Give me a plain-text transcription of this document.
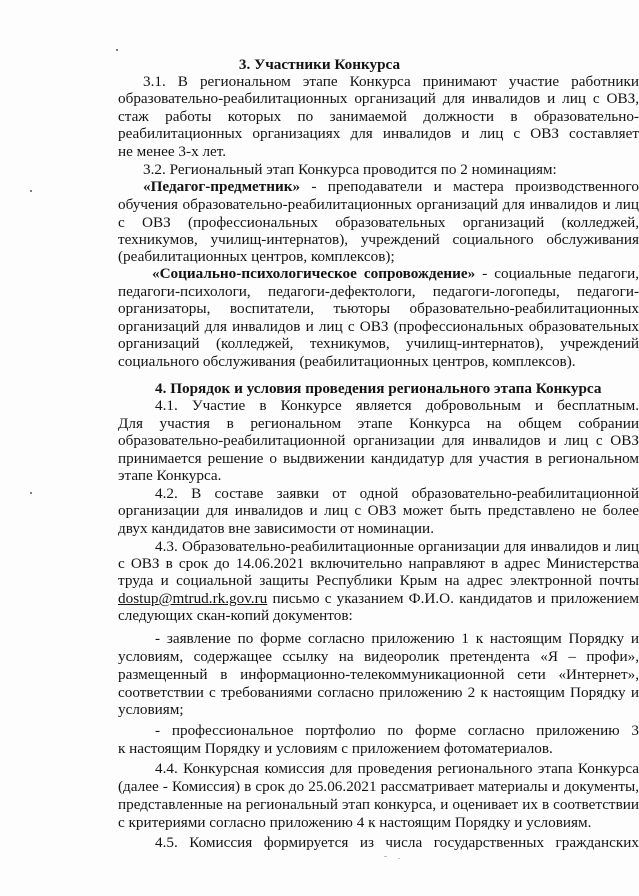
3. Участники Конкурса
3.1. В региональном этапе Конкурса принимают участие работники
образовательно-реабилитационных организаций для инвалидов и лиц с ОВЗ,
стаж работы которых по занимаемой должности в образовательно-
реабилитационных организациях для инвалидов и лиц с ОВЗ составляет
не менее 3-х лет.
3.2. Региональный этап Конкурса проводится по 2 номинациям:
«Педагог-предметник» - преподаватели и мастера производственного
обучения образовательно-реабилитационных организаций для инвалидов и лиц
с ОВЗ (профессиональных образовательных организаций (колледжей,
техникумов, училищ-интернатов), учреждений социального обслуживания
(реабилитационных центров, комплексов);
«Социально-психологическое сопровождение» - социальные педагоги,
педагоги-психологи, педагоги-дефектологи, педагоги-логопеды, педагоги-
организаторы, воспитатели, тьюторы образовательно-реабилитационных
организаций для инвалидов и лиц с ОВЗ (профессиональных образовательных
организаций (колледжей, техникумов, училищ-интернатов), учреждений
социального обслуживания (реабилитационных центров, комплексов).
4. Порядок и условия проведения регионального этапа Конкурса
4.1. Участие в Конкурсе является добровольным и бесплатным.
Для участия в региональном этапе Конкурса на общем собрании
образовательно-реабилитационной организации для инвалидов и лиц с ОВЗ
принимается решение о выдвижении кандидатур для участия в региональном
этапе Конкурса.
4.2. В составе заявки от одной образовательно-реабилитационной
организации для инвалидов и лиц с ОВЗ может быть представлено не более
двух кандидатов вне зависимости от номинации.
4.3. Образовательно-реабилитационные организации для инвалидов и лиц
с ОВЗ в срок до 14.06.2021 включительно направляют в адрес Министерства
труда и социальной защиты Республики Крым на адрес электронной почты
dostup@mtrud.rk.gov.ru письмо с указанием Ф.И.О. кандидатов и приложением
следующих скан-копий документов:
- заявление по форме согласно приложению 1 к настоящим Порядку и
условиям, содержащее ссылку на видеоролик претендента «Я – профи»,
размещенный в информационно-телекоммуникационной сети «Интернет»,
соответствии с требованиями согласно приложению 2 к настоящим Порядку и
условиям;
- профессиональное портфолио по форме согласно приложению 3
к настоящим Порядку и условиям с приложением фотоматериалов.
4.4. Конкурсная комиссия для проведения регионального этапа Конкурса
(далее - Комиссия) в срок до 25.06.2021 рассматривает материалы и документы,
представленные на региональный этап конкурса, и оценивает их в соответствии
с критериями согласно приложению 4 к настоящим Порядку и условиям.
4.5. Комиссия формируется из числа государственных гражданских
